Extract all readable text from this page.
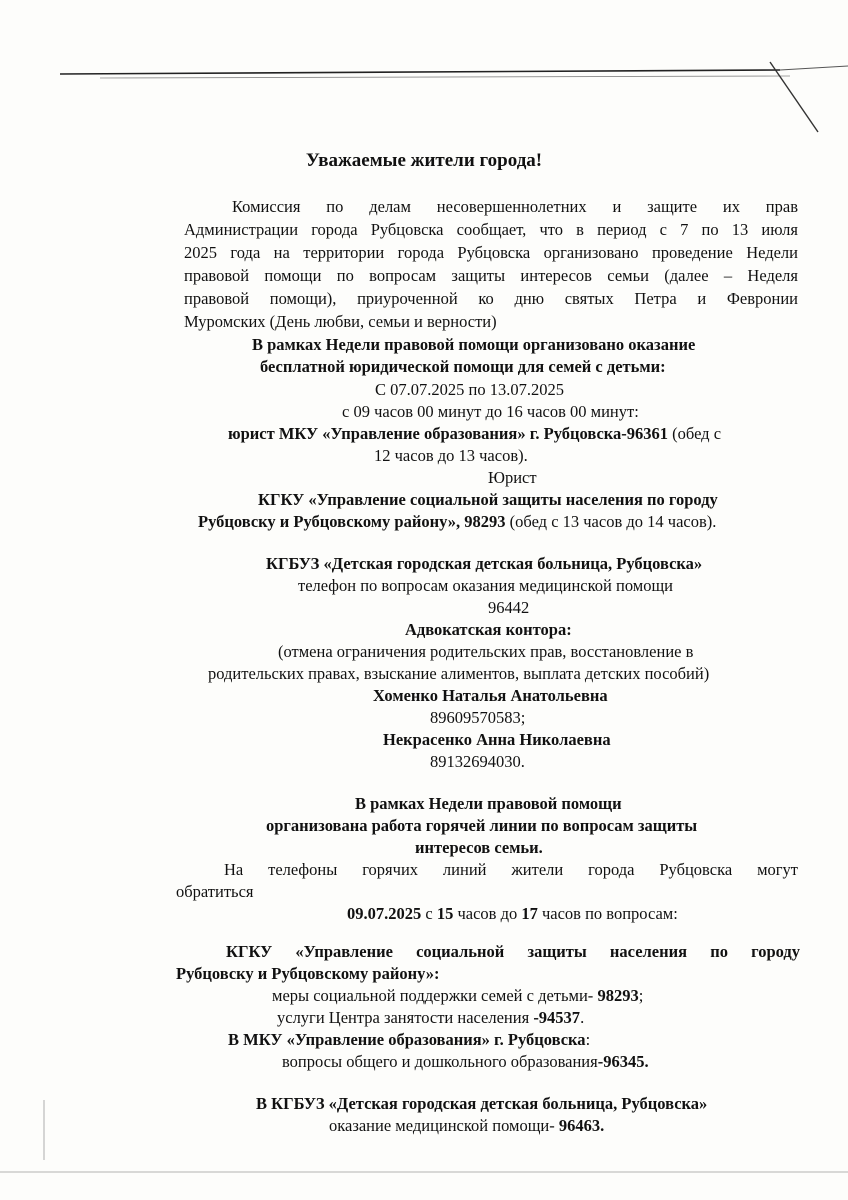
Уважаемые жители города!
Комиссия по делам несовершеннолетних и защите их прав
Администрации города Рубцовска сообщает, что в период с 7 по 13 июля
2025 года на территории города Рубцовска организовано проведение Недели
правовой помощи по вопросам защиты интересов семьи (далее – Неделя
правовой помощи), приуроченной ко дню святых Петра и Февронии
Муромских (День любви, семьи и верности)
В рамках Недели правовой помощи организовано оказание
бесплатной юридической помощи для семей с детьми:
С 07.07.2025 по 13.07.2025
с 09 часов 00 минут до 16 часов 00 минут:
юрист МКУ «Управление образования» г. Рубцовска-96361 (обед с
12 часов до 13 часов).
Юрист
КГКУ «Управление социальной защиты населения по городу
Рубцовску и Рубцовскому району», 98293 (обед с 13 часов до 14 часов).
КГБУЗ «Детская городская детская больница, Рубцовска»
телефон по вопросам оказания медицинской помощи
96442
Адвокатская контора:
(отмена ограничения родительских прав, восстановление в
родительских правах, взыскание алиментов, выплата детских пособий)
Хоменко Наталья Анатольевна
89609570583;
Некрасенко Анна Николаевна
89132694030.
В рамках Недели правовой помощи
организована работа горячей линии по вопросам защиты
интересов семьи.
На телефоны горячих линий жители города Рубцовска могут
обратиться
09.07.2025 с 15 часов до 17 часов по вопросам:
КГКУ «Управление социальной защиты населения по городу
Рубцовску и Рубцовскому району»:
меры социальной поддержки семей с детьми- 98293;
услуги Центра занятости населения -94537.
В МКУ «Управление образования» г. Рубцовска:
вопросы общего и дошкольного образования-96345.
В КГБУЗ «Детская городская детская больница, Рубцовска»
оказание медицинской помощи- 96463.
